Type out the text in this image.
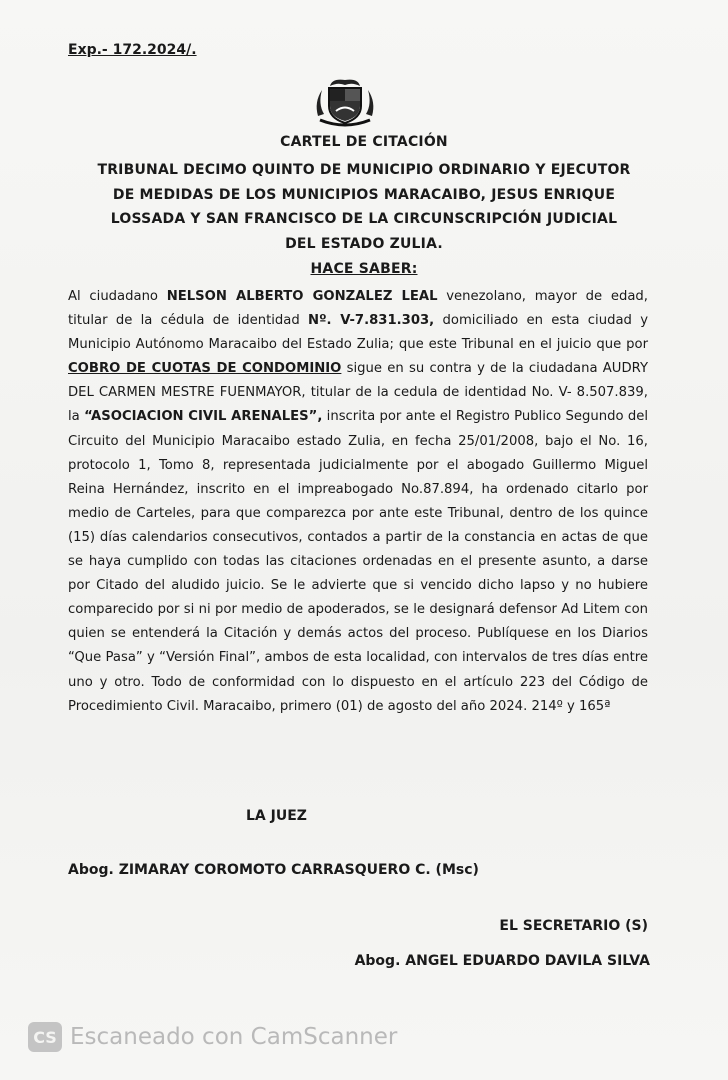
Exp.- 172.2024/.
CARTEL DE CITACIÓN
TRIBUNAL DECIMO QUINTO DE MUNICIPIO ORDINARIO Y EJECUTOR
DE MEDIDAS DE LOS MUNICIPIOS MARACAIBO, JESUS ENRIQUE
LOSSADA Y SAN FRANCISCO DE LA CIRCUNSCRIPCIÓN JUDICIAL
DEL ESTADO ZULIA.
HACE SABER:
Al ciudadano NELSON ALBERTO GONZALEZ LEAL venezolano, mayor de edad, titular de la cédula de identidad Nº. V-7.831.303, domiciliado en esta ciudad y Municipio Autónomo Maracaibo del Estado Zulia; que este Tribunal en el juicio que por COBRO DE CUOTAS DE CONDOMINIO sigue en su contra y de la ciudadana AUDRY DEL CARMEN MESTRE FUENMAYOR, titular de la cedula de identidad No. V- 8.507.839, la “ASOCIACION CIVIL ARENALES”, inscrita por ante el Registro Publico Segundo del Circuito del Municipio Maracaibo estado Zulia, en fecha 25/01/2008, bajo el No. 16, protocolo 1, Tomo 8, representada judicialmente por el abogado Guillermo Miguel Reina Hernández, inscrito en el impreabogado No.87.894, ha ordenado citarlo por medio de Carteles, para que comparezca por ante este Tribunal, dentro de los quince (15) días calendarios consecutivos, contados a partir de la constancia en actas de que se haya cumplido con todas las citaciones ordenadas en el presente asunto, a darse por Citado del aludido juicio. Se le advierte que si vencido dicho lapso y no hubiere comparecido por si ni por medio de apoderados, se le designará defensor Ad Litem con quien se entenderá la Citación y demás actos del proceso. Publíquese en los Diarios “Que Pasa” y “Versión Final”, ambos de esta localidad, con intervalos de tres días entre uno y otro. Todo de conformidad con lo dispuesto en el artículo 223 del Código de Procedimiento Civil. Maracaibo, primero (01) de agosto del año 2024. 214º y 165ª
LA JUEZ
Abog. ZIMARAY COROMOTO CARRASQUERO C. (Msc)
EL SECRETARIO (S)
Abog. ANGEL EDUARDO DAVILA SILVA
CS Escaneado con CamScanner
